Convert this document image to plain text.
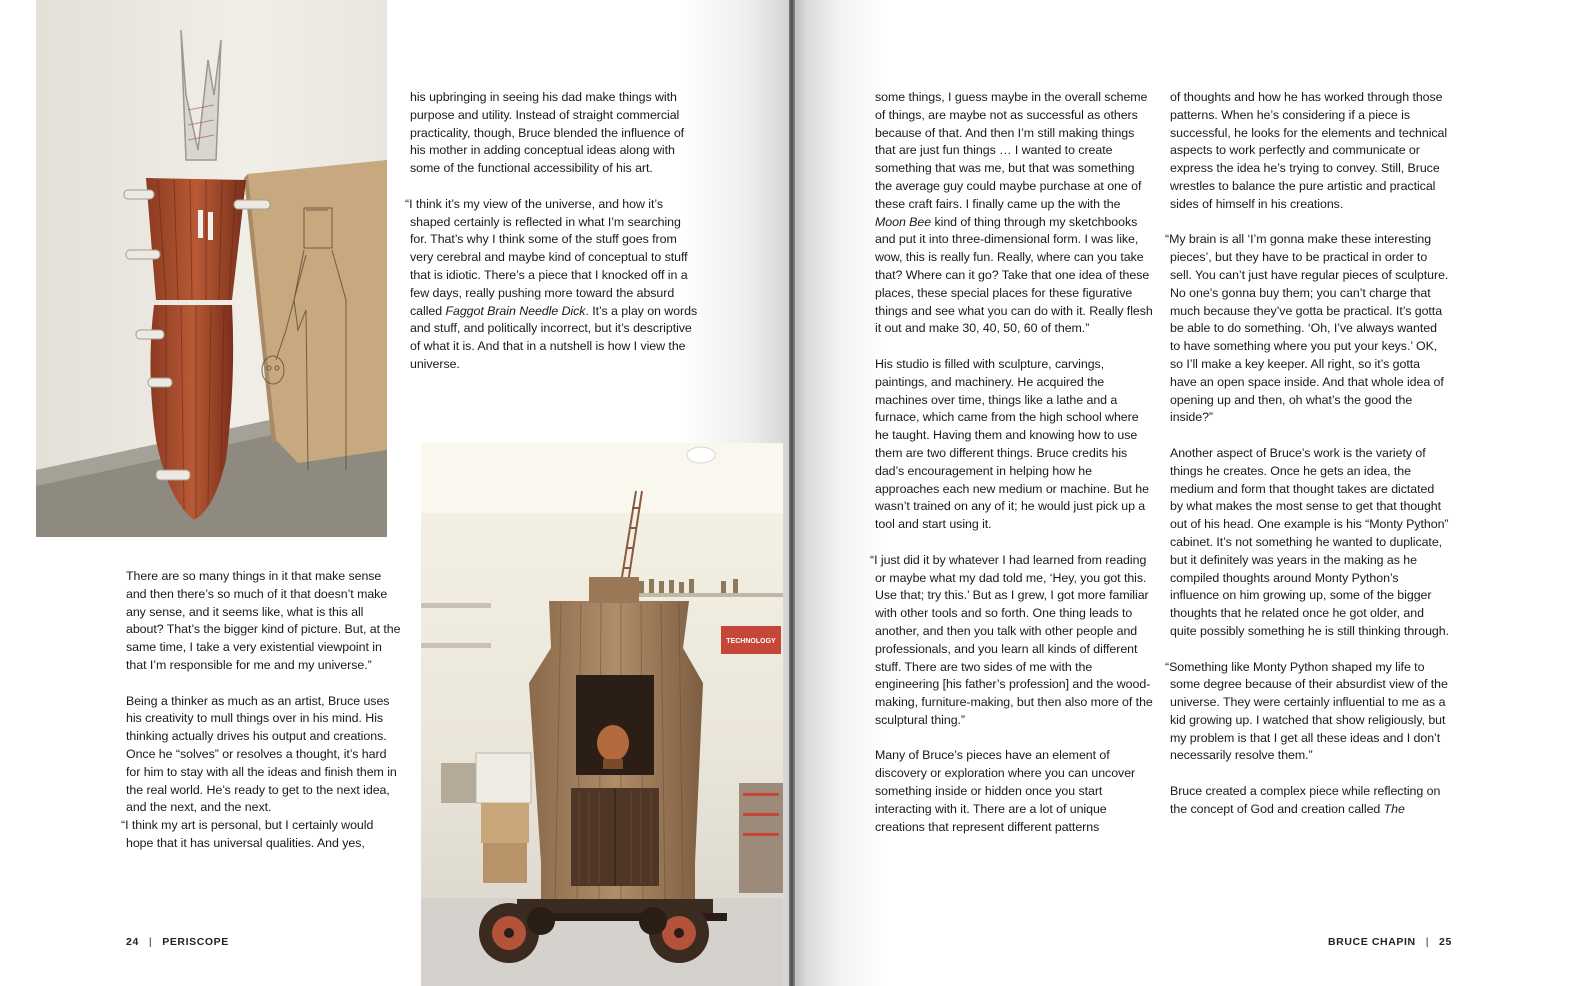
his upbringing in seeing his dad make things with purpose and utility. Instead of straight commercial practicality, though, Bruce blended the influence of his mother in adding conceptual ideas along with some of the functional accessibility of his art.

“I think it’s my view of the universe, and how it’s shaped certainly is reflected in what I’m searching for. That’s why I think some of the stuff goes from very cerebral and maybe kind of conceptual to stuff that is idiotic. There’s a piece that I knocked off in a few days, really pushing more toward the absurd called Faggot Brain Needle Dick. It’s a play on words and stuff, and politically incorrect, but it’s descriptive of what it is. And that in a nutshell is how I view the universe.

There are so many things in it that make sense and then there’s so much of it that doesn’t make any sense, and it seems like, what is this all about? That’s the bigger kind of picture. But, at the same time, I take a very existential viewpoint in that I’m responsible for me and my universe.”

Being a thinker as much as an artist, Bruce uses his creativity to mull things over in his mind. His thinking actually drives his output and creations. Once he “solves” or resolves a thought, it’s hard for him to stay with all the ideas and finish them in the real world. He’s ready to get to the next idea, and the next, and the next.

“I think my art is personal, but I certainly would hope that it has universal qualities. And yes,

TECHNOLOGY
24 | PERISCOPE

some things, I guess maybe in the overall scheme of things, are maybe not as successful as others because of that. And then I’m still making things that are just fun things … I wanted to create something that was me, but that was something the average guy could maybe purchase at one of these craft fairs. I finally came up the with the Moon Bee kind of thing through my sketchbooks and put it into three-dimensional form. I was like, wow, this is really fun. Really, where can you take that? Where can it go? Take that one idea of these places, these special places for these figurative things and see what you can do with it. Really flesh it out and make 30, 40, 50, 60 of them.”

His studio is filled with sculpture, carvings, paintings, and machinery. He acquired the machines over time, things like a lathe and a furnace, which came from the high school where he taught. Having them and knowing how to use them are two different things. Bruce credits his dad’s encouragement in helping how he approaches each new medium or machine. But he wasn’t trained on any of it; he would just pick up a tool and start using it.

“I just did it by whatever I had learned from reading or maybe what my dad told me, ‘Hey, you got this. Use that; try this.’ But as I grew, I got more familiar with other tools and so forth. One thing leads to another, and then you talk with other people and professionals, and you learn all kinds of different stuff. There are two sides of me with the engineering [his father’s profession] and the wood-making, furniture-making, but then also more of the sculptural thing.”

Many of Bruce’s pieces have an element of discovery or exploration where you can uncover something inside or hidden once you start interacting with it. There are a lot of unique creations that represent different patterns

of thoughts and how he has worked through those patterns. When he’s considering if a piece is successful, he looks for the elements and technical aspects to work perfectly and communicate or express the idea he’s trying to convey. Still, Bruce wrestles to balance the pure artistic and practical sides of himself in his creations.

“My brain is all ‘I’m gonna make these interesting pieces’, but they have to be practical in order to sell. You can’t just have regular pieces of sculpture. No one’s gonna buy them; you can’t charge that much because they’ve gotta be practical. It’s gotta be able to do something. ‘Oh, I’ve always wanted to have something where you put your keys.’ OK, so I’ll make a key keeper. All right, so it’s gotta have an open space inside. And that whole idea of opening up and then, oh what’s the good the inside?”

Another aspect of Bruce’s work is the variety of things he creates. Once he gets an idea, the medium and form that thought takes are dictated by what makes the most sense to get that thought out of his head. One example is his “Monty Python” cabinet. It’s not something he wanted to duplicate, but it definitely was years in the making as he compiled thoughts around Monty Python’s influence on him growing up, some of the bigger thoughts that he related once he got older, and quite possibly something he is still thinking through.

“Something like Monty Python shaped my life to some degree because of their absurdist view of the universe. They were certainly influential to me as a kid growing up. I watched that show religiously, but my problem is that I get all these ideas and I don’t necessarily resolve them.”

Bruce created a complex piece while reflecting on the concept of God and creation called The

BRUCE CHAPIN | 25
